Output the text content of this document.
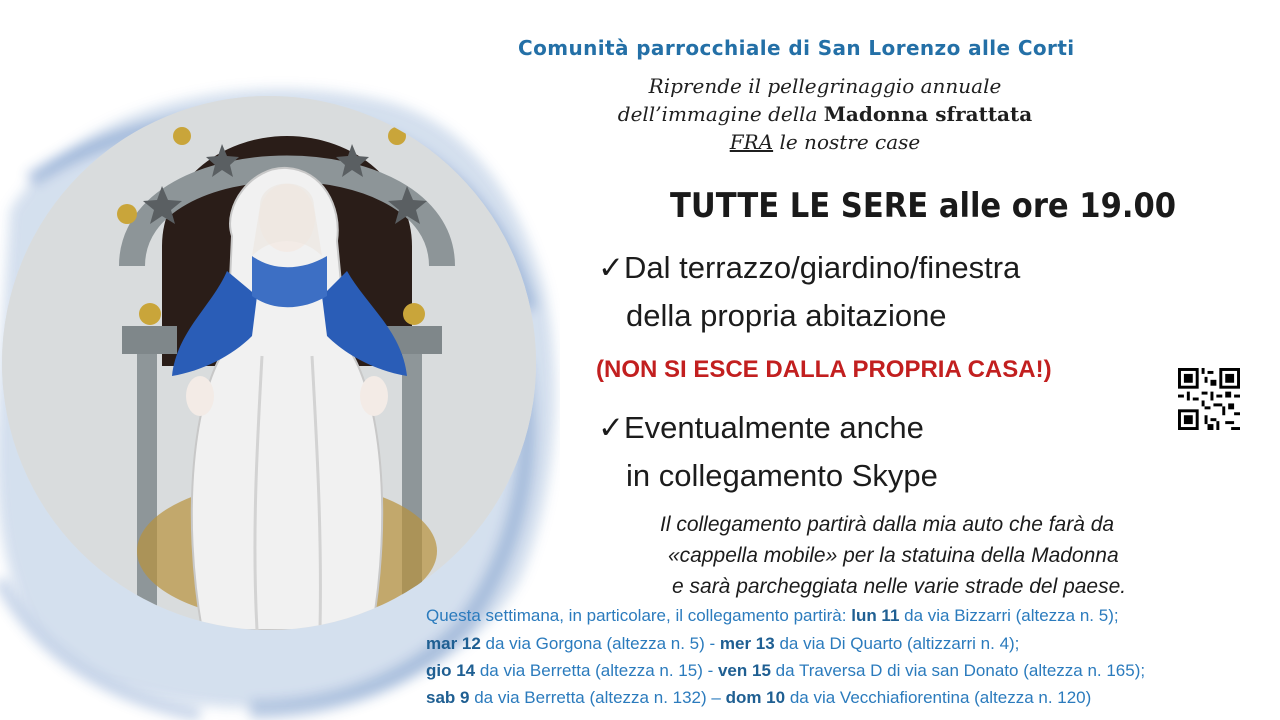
Comunità parrocchiale di San Lorenzo alle Corti
Riprende il pellegrinaggio annuale
dell’immagine della Madonna sfrattata
FRA le nostre case
TUTTE LE SERE alle ore 19.00
✓Dal terrazzo/giardino/finestra
della propria abitazione
(NON SI ESCE DALLA PROPRIA CASA!)
✓Eventualmente anche
in collegamento Skype
Il collegamento partirà dalla mia auto che farà da
«cappella mobile» per la statuina della Madonna
e sarà parcheggiata nelle varie strade del paese.
Questa settimana, in particolare, il collegamento partirà: lun 11 da via Bizzarri (altezza n. 5);
mar 12 da via Gorgona (altezza n. 5) - mer 13 da via Di Quarto (altizzarri n. 4);
gio 14 da via Berretta (altezza n. 15) - ven 15 da Traversa D di via san Donato (altezza n. 165);
sab 9 da via Berretta (altezza n. 132) – dom 10 da via Vecchiafiorentina (altezza n. 120)
